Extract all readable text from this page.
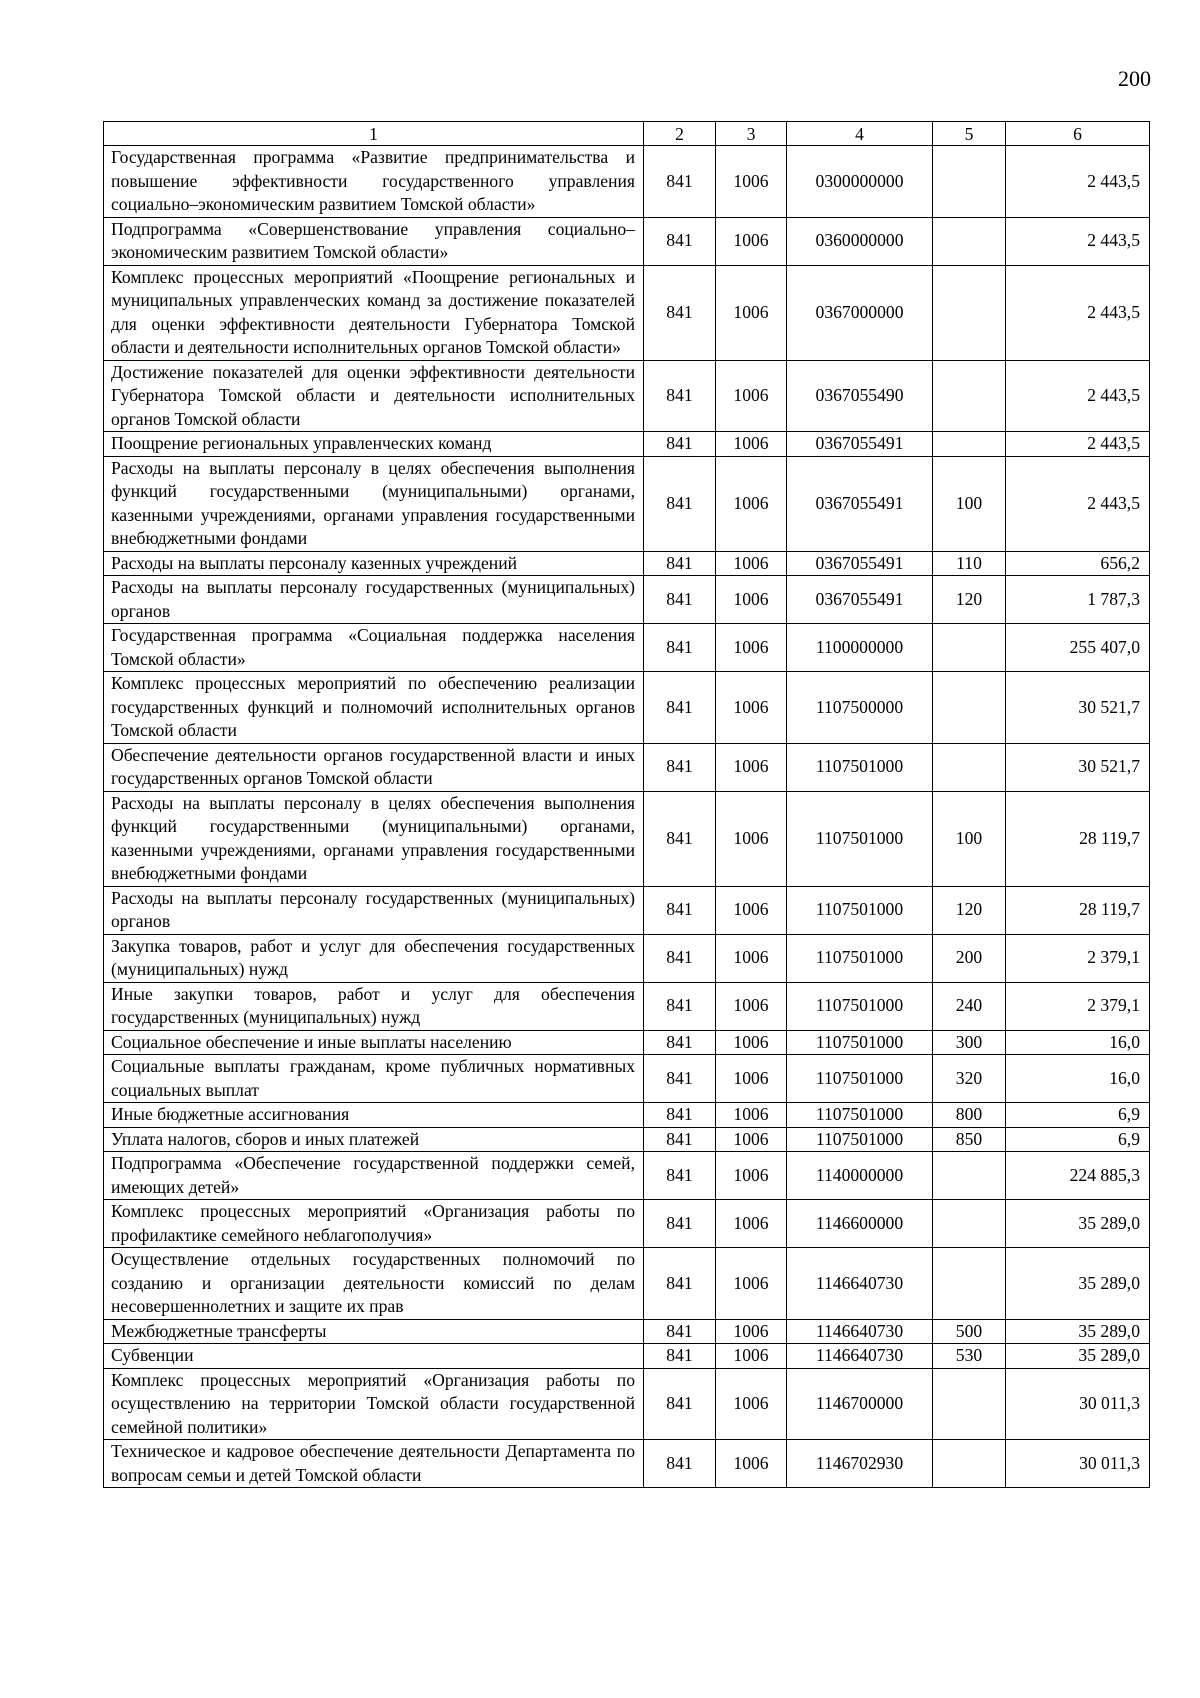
200
1	2	3	4	5	6
Государственная программа «Развитие предпринимательства и повышение эффективности государственного управления социально–экономическим развитием Томской области»	841	1006	0300000000		2 443,5
Подпрограмма «Совершенствование управления социально–экономическим развитием Томской области»	841	1006	0360000000		2 443,5
Комплекс процессных мероприятий «Поощрение региональных и муниципальных управленческих команд за достижение показателей для оценки эффективности деятельности Губернатора Томской области и деятельности исполнительных органов Томской области»	841	1006	0367000000		2 443,5
Достижение показателей для оценки эффективности деятельности Губернатора Томской области и деятельности исполнительных органов Томской области	841	1006	0367055490		2 443,5
Поощрение региональных управленческих команд	841	1006	0367055491		2 443,5
Расходы на выплаты персоналу в целях обеспечения выполнения функций государственными (муниципальными) органами, казенными учреждениями, органами управления государственными внебюджетными фондами	841	1006	0367055491	100	2 443,5
Расходы на выплаты персоналу казенных учреждений	841	1006	0367055491	110	656,2
Расходы на выплаты персоналу государственных (муниципальных) органов	841	1006	0367055491	120	1 787,3
Государственная программа «Социальная поддержка населения Томской области»	841	1006	1100000000		255 407,0
Комплекс процессных мероприятий по обеспечению реализации государственных функций и полномочий исполнительных органов Томской области	841	1006	1107500000		30 521,7
Обеспечение деятельности органов государственной власти и иных государственных органов Томской области	841	1006	1107501000		30 521,7
Расходы на выплаты персоналу в целях обеспечения выполнения функций государственными (муниципальными) органами, казенными учреждениями, органами управления государственными внебюджетными фондами	841	1006	1107501000	100	28 119,7
Расходы на выплаты персоналу государственных (муниципальных) органов	841	1006	1107501000	120	28 119,7
Закупка товаров, работ и услуг для обеспечения государственных (муниципальных) нужд	841	1006	1107501000	200	2 379,1
Иные закупки товаров, работ и услуг для обеспечения государственных (муниципальных) нужд	841	1006	1107501000	240	2 379,1
Социальное обеспечение и иные выплаты населению	841	1006	1107501000	300	16,0
Социальные выплаты гражданам, кроме публичных нормативных социальных выплат	841	1006	1107501000	320	16,0
Иные бюджетные ассигнования	841	1006	1107501000	800	6,9
Уплата налогов, сборов и иных платежей	841	1006	1107501000	850	6,9
Подпрограмма «Обеспечение государственной поддержки семей, имеющих детей»	841	1006	1140000000		224 885,3
Комплекс процессных мероприятий «Организация работы по профилактике семейного неблагополучия»	841	1006	1146600000		35 289,0
Осуществление отдельных государственных полномочий по созданию и организации деятельности комиссий по делам несовершеннолетних и защите их прав	841	1006	1146640730		35 289,0
Межбюджетные трансферты	841	1006	1146640730	500	35 289,0
Субвенции	841	1006	1146640730	530	35 289,0
Комплекс процессных мероприятий «Организация работы по осуществлению на территории Томской области государственной семейной политики»	841	1006	1146700000		30 011,3
Техническое и кадровое обеспечение деятельности Департамента по вопросам семьи и детей Томской области	841	1006	1146702930		30 011,3
